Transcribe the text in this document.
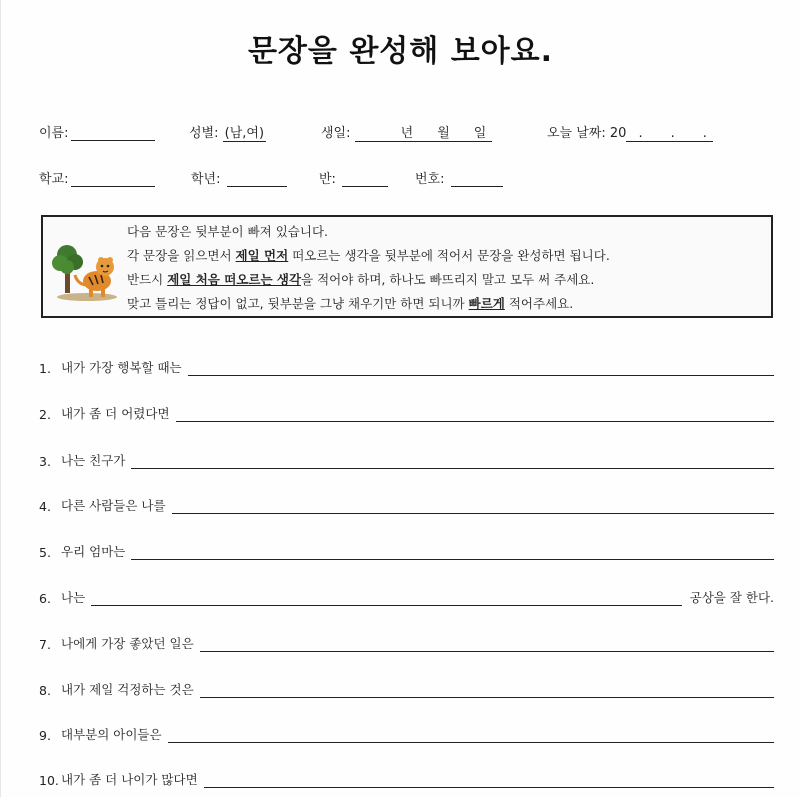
문장을 완성해 보아요.
이름:	성별: (남,여)	생일:	년 월 일	오늘 날짜: 20 . . .
학교:	학년:	반:	번호:
다음 문장은 뒷부분이 빠져 있습니다.
각 문장을 읽으면서 제일 먼저 떠오르는 생각을 뒷부분에 적어서 문장을 완성하면 됩니다.
반드시 제일 처음 떠오르는 생각을 적어야 하며, 하나도 빠뜨리지 말고 모두 써 주세요.
맞고 틀리는 정답이 없고, 뒷부분을 그냥 채우기만 하면 되니까 빠르게 적어주세요.
1. 내가 가장 행복할 때는
2. 내가 좀 더 어렸다면
3. 나는 친구가
4. 다른 사람들은 나를
5. 우리 엄마는
6. 나는	공상을 잘 한다.
7. 나에게 가장 좋았던 일은
8. 내가 제일 걱정하는 것은
9. 대부분의 아이들은
10. 내가 좀 더 나이가 많다면
